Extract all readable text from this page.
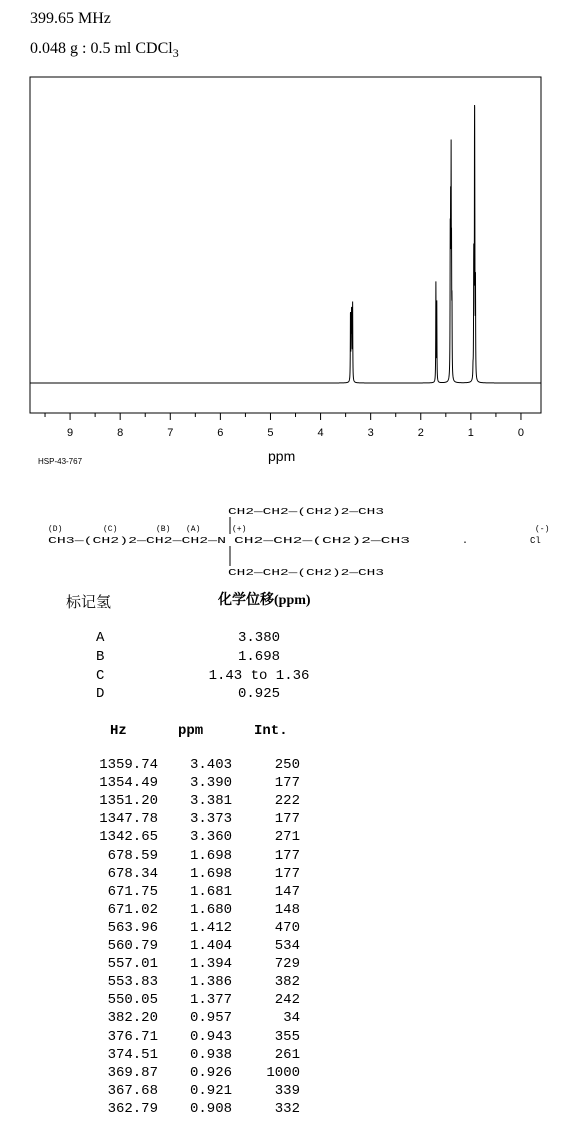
399.65 MHz
0.048 g : 0.5 ml CDCl$_3$
9	8	7	6	5	4	3	2	1	0
ppm
HSP-43-767
(D)	(C)	(B) (A)	(+)
CH3—(CH2)2—CH2—CH2—N
CH2—CH2—(CH2)2—CH3
CH2—CH2—(CH2)2—CH3
CH2—CH2—(CH2)2—CH3
.
(-)
Cl
标记氢	化学位移(ppm)
A	3.380
B	1.698
C	1.43 to 1.36
D	0.925
Hz	ppm	Int.
1359.74	3.403	250
1354.49	3.390	177
1351.20	3.381	222
1347.78	3.373	177
1342.65	3.360	271
678.59	1.698	177
678.34	1.698	177
671.75	1.681	147
671.02	1.680	148
563.96	1.412	470
560.79	1.404	534
557.01	1.394	729
553.83	1.386	382
550.05	1.377	242
382.20	0.957	34
376.71	0.943	355
374.51	0.938	261
369.87	0.926	1000
367.68	0.921	339
362.79	0.908	332
